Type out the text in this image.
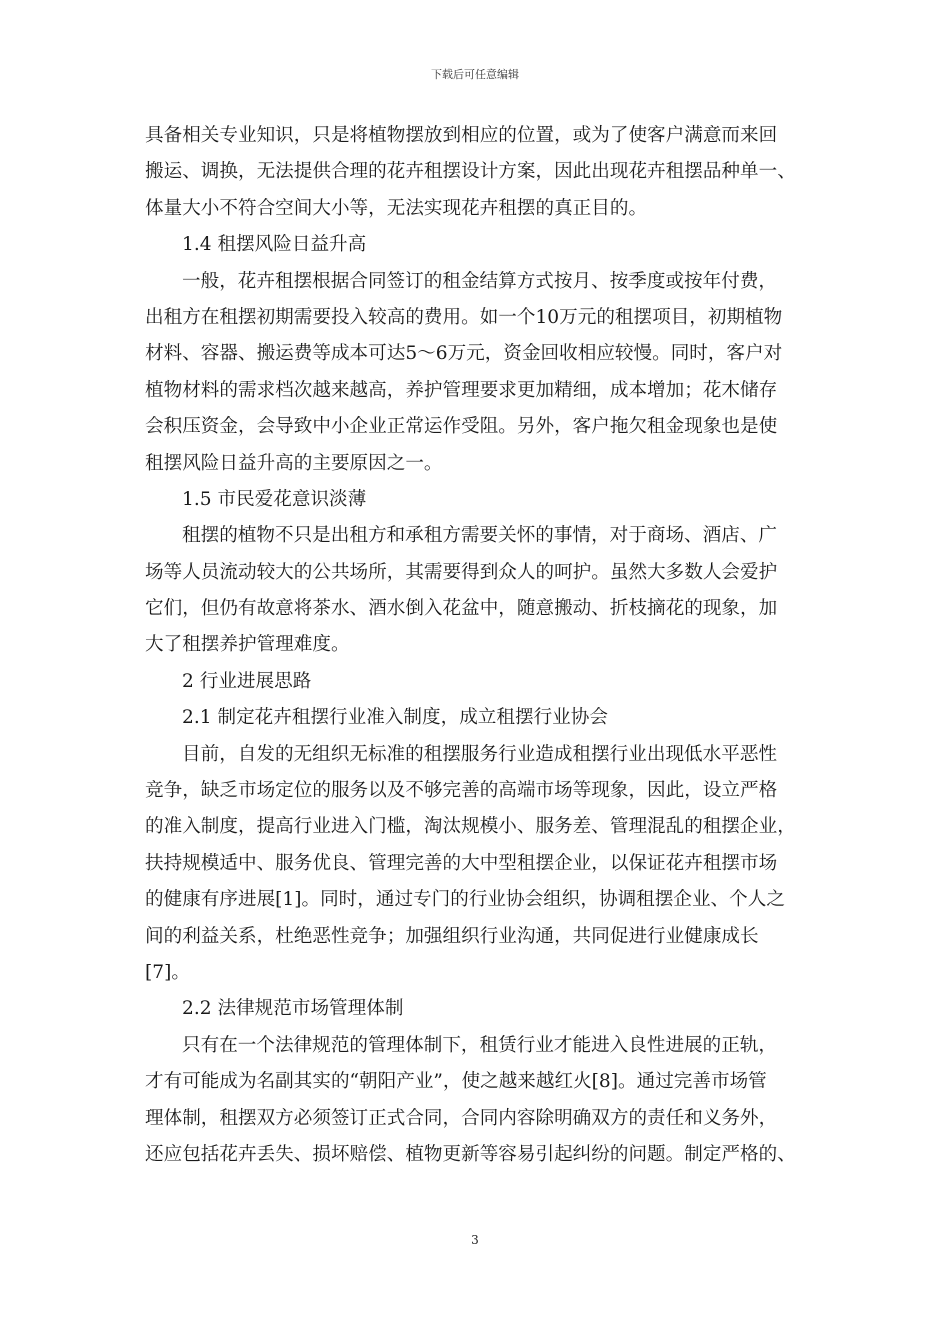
下载后可任意编辑
具备相关专业知识，只是将植物摆放到相应的位置，或为了使客户满意而来回
搬运、调换，无法提供合理的花卉租摆设计方案，因此出现花卉租摆品种单一、
体量大小不符合空间大小等，无法实现花卉租摆的真正目的。
1.4 租摆风险日益升高
一般，花卉租摆根据合同签订的租金结算方式按月、按季度或按年付费，
出租方在租摆初期需要投入较高的费用。如一个10万元的租摆项目，初期植物
材料、容器、搬运费等成本可达5～6万元，资金回收相应较慢。同时，客户对
植物材料的需求档次越来越高，养护管理要求更加精细，成本增加；花木储存
会积压资金，会导致中小企业正常运作受阻。另外，客户拖欠租金现象也是使
租摆风险日益升高的主要原因之一。
1.5 市民爱花意识淡薄
租摆的植物不只是出租方和承租方需要关怀的事情，对于商场、酒店、广
场等人员流动较大的公共场所，其需要得到众人的呵护。虽然大多数人会爱护
它们，但仍有故意将茶水、酒水倒入花盆中，随意搬动、折枝摘花的现象，加
大了租摆养护管理难度。
2 行业进展思路
2.1 制定花卉租摆行业准入制度，成立租摆行业协会
目前，自发的无组织无标准的租摆服务行业造成租摆行业出现低水平恶性
竞争，缺乏市场定位的服务以及不够完善的高端市场等现象，因此，设立严格
的准入制度，提高行业进入门槛，淘汰规模小、服务差、管理混乱的租摆企业，
扶持规模适中、服务优良、管理完善的大中型租摆企业，以保证花卉租摆市场
的健康有序进展[1]。同时，通过专门的行业协会组织，协调租摆企业、个人之
间的利益关系，杜绝恶性竞争；加强组织行业沟通，共同促进行业健康成长
[7]。
2.2 法律规范市场管理体制
只有在一个法律规范的管理体制下，租赁行业才能进入良性进展的正轨，
才有可能成为名副其实的“朝阳产业”，使之越来越红火[8]。通过完善市场管
理体制，租摆双方必须签订正式合同，合同内容除明确双方的责任和义务外，
还应包括花卉丢失、损坏赔偿、植物更新等容易引起纠纷的问题。制定严格的、
3
